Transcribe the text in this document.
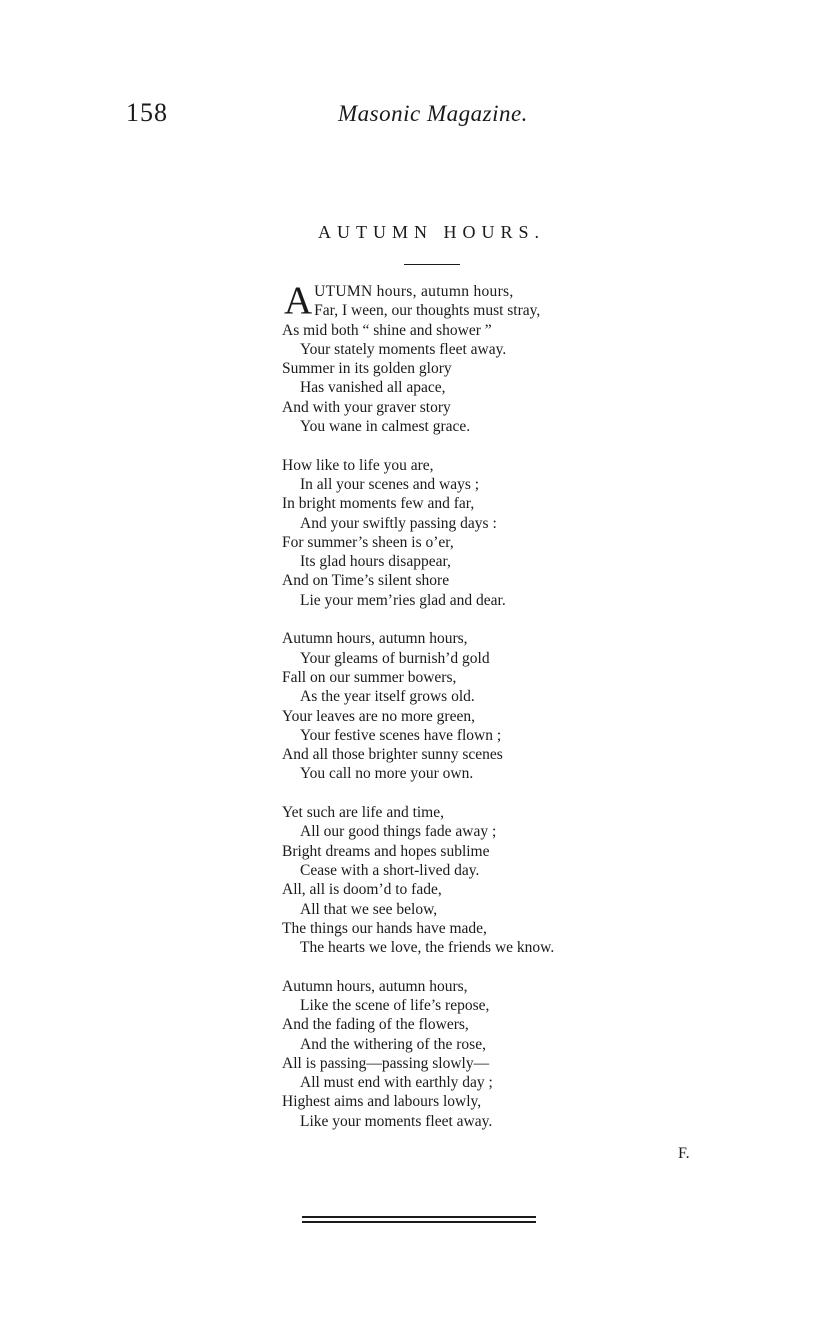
158	Masonic Magazine.
AUTUMN HOURS.
A UTUMN hours, autumn hours,
Far, I ween, our thoughts must stray,
As mid both “ shine and shower ”
Your stately moments fleet away.
Summer in its golden glory
Has vanished all apace,
And with your graver story
You wane in calmest grace.
How like to life you are,
In all your scenes and ways ;
In bright moments few and far,
And your swiftly passing days :
For summer’s sheen is o’er,
Its glad hours disappear,
And on Time’s silent shore
Lie your mem’ries glad and dear.
Autumn hours, autumn hours,
Your gleams of burnish’d gold
Fall on our summer bowers,
As the year itself grows old.
Your leaves are no more green,
Your festive scenes have flown ;
And all those brighter sunny scenes
You call no more your own.
Yet such are life and time,
All our good things fade away ;
Bright dreams and hopes sublime
Cease with a short-lived day.
All, all is doom’d to fade,
All that we see below,
The things our hands have made,
The hearts we love, the friends we know.
Autumn hours, autumn hours,
Like the scene of life’s repose,
And the fading of the flowers,
And the withering of the rose,
All is passing—passing slowly—
All must end with earthly day ;
Highest aims and labours lowly,
Like your moments fleet away.
F.
